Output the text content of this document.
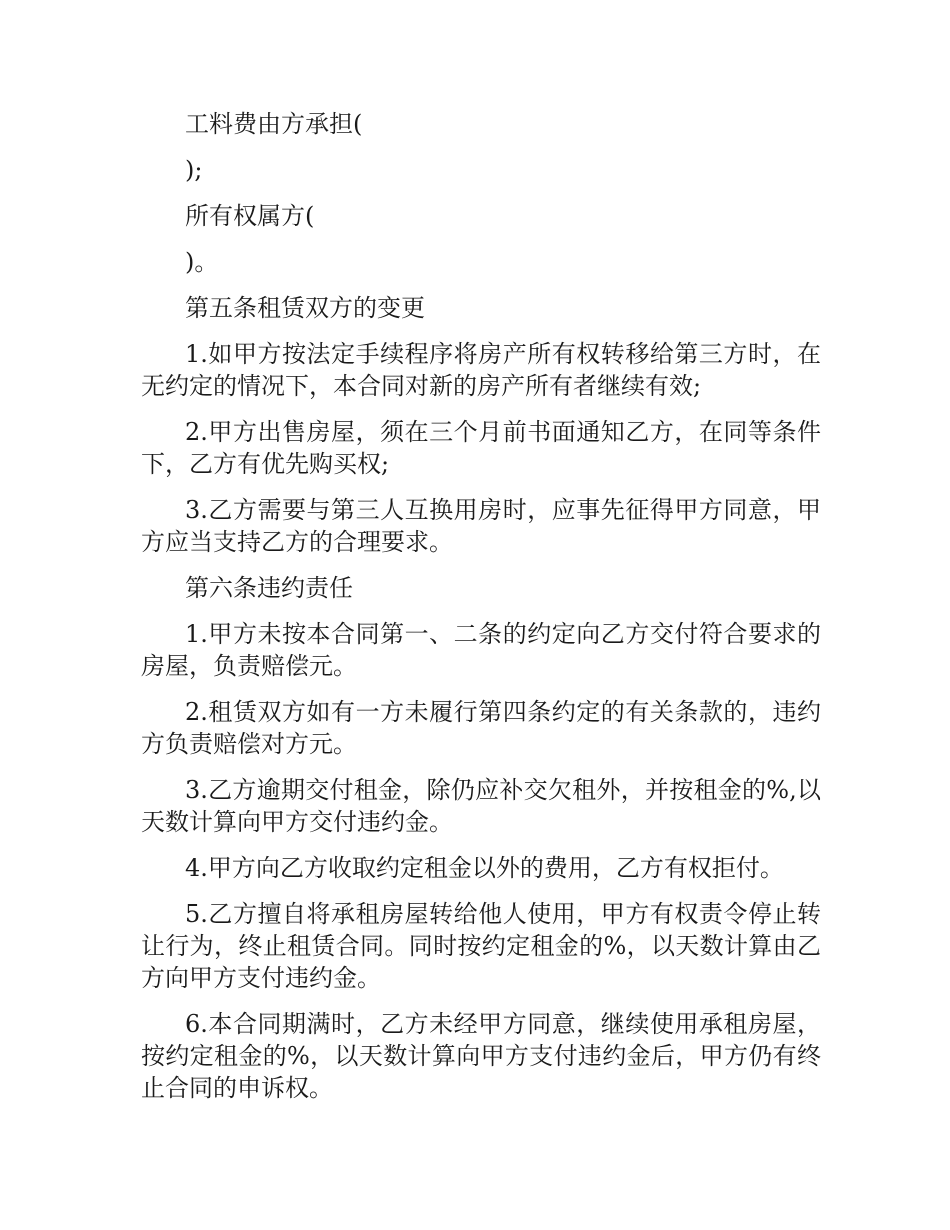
工料费由方承担(

);

所有权属方(

)。

第五条租赁双方的变更

1.如甲方按法定手续程序将房产所有权转移给第三方时，在无约定的情况下，本合同对新的房产所有者继续有效;

2.甲方出售房屋，须在三个月前书面通知乙方，在同等条件下，乙方有优先购买权;

3.乙方需要与第三人互换用房时，应事先征得甲方同意，甲方应当支持乙方的合理要求。

第六条违约责任

1.甲方未按本合同第一、二条的约定向乙方交付符合要求的房屋，负责赔偿元。

2.租赁双方如有一方未履行第四条约定的有关条款的，违约方负责赔偿对方元。

3.乙方逾期交付租金，除仍应补交欠租外，并按租金的%,以天数计算向甲方交付违约金。

4.甲方向乙方收取约定租金以外的费用，乙方有权拒付。

5.乙方擅自将承租房屋转给他人使用，甲方有权责令停止转让行为，终止租赁合同。同时按约定租金的%，以天数计算由乙方向甲方支付违约金。

6.本合同期满时，乙方未经甲方同意，继续使用承租房屋，按约定租金的%，以天数计算向甲方支付违约金后，甲方仍有终止合同的申诉权。
